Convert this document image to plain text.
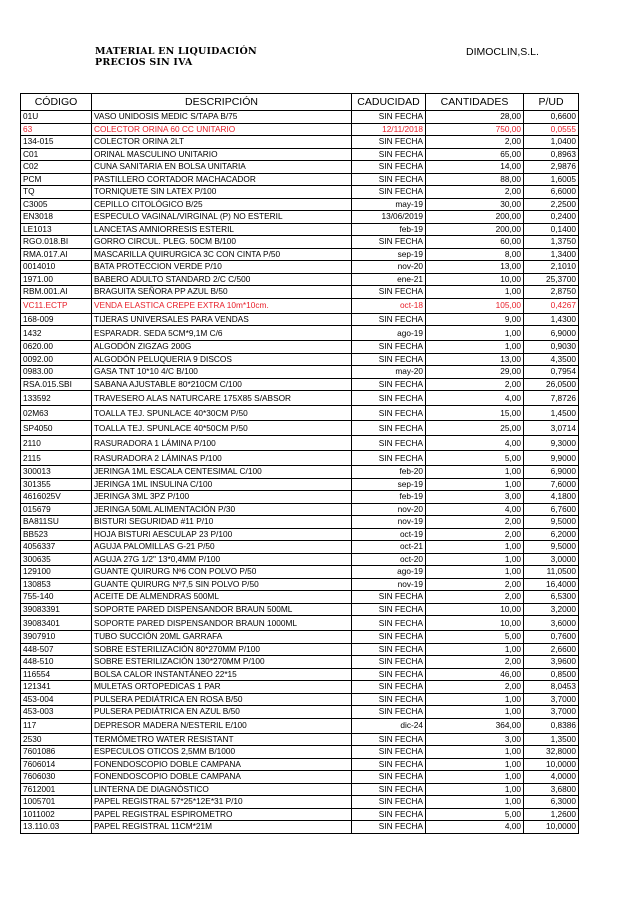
MATERIAL EN LIQUIDACIÓN
PRECIOS SIN IVA
DIMOCLIN,S.L.
CÓDIGO	DESCRIPCIÓN	CADUCIDAD	CANTIDADES	P/UD
01U	VASO UNIDOSIS MEDIC S/TAPA B/75	SIN FECHA	28,00	0,6600
63	COLECTOR ORINA 60 CC UNITARIO	12/11/2018	750,00	0,0555
134-015	COLECTOR ORINA 2LT	SIN FECHA	2,00	1,0400
C01	ORINAL MASCULINO UNITARIO	SIN FECHA	65,00	0,8963
C02	CUNA SANITARIA EN BOLSA UNITARIA	SIN FECHA	14,00	2,9876
PCM	PASTILLERO CORTADOR MACHACADOR	SIN FECHA	88,00	1,6005
TQ	TORNIQUETE SIN LATEX P/100	SIN FECHA	2,00	6,6000
C3005	CEPILLO CITOLÓGICO B/25	may-19	30,00	2,2500
EN3018	ESPECULO VAGINAL/VIRGINAL (P) NO ESTERIL	13/06/2019	200,00	0,2400
LE1013	LANCETAS AMNIORRESIS ESTERIL	feb-19	200,00	0,1400
RGO.018.BI	GORRO CIRCUL. PLEG. 50CM B/100	SIN FECHA	60,00	1,3750
RMA.017.AI	MASCARILLA QUIRURGICA 3C CON CINTA P/50	sep-19	8,00	1,3400
0014010	BATA PROTECCION VERDE P/10	nov-20	13,00	2,1010
1971.00	BABERO ADULTO STANDARD 2/C C/500	ene-21	10,00	25,3700
RBM.001.AI	BRAGUITA SEÑORA PP AZUL B/50	SIN FECHA	1,00	2,8750
VC11.ECTP	VENDA ELASTICA CREPE EXTRA 10m*10cm.	oct-18	105,00	0,4267
168-009	TIJERAS UNIVERSALES PARA VENDAS	SIN FECHA	9,00	1,4300
1432	ESPARADR. SEDA 5CM*9,1M C/6	ago-19	1,00	6,9000
0620.00	ALGODÓN ZIGZAG 200G	SIN FECHA	1,00	0,9030
0092.00	ALGODÓN PELUQUERIA 9 DISCOS	SIN FECHA	13,00	4,3500
0983.00	GASA TNT 10*10 4/C B/100	may-20	29,00	0,7954
RSA.015.SBI	SABANA AJUSTABLE 80*210CM C/100	SIN FECHA	2,00	26,0500
133592	TRAVESERO ALAS NATURCARE 175X85 S/ABSOR	SIN FECHA	4,00	7,8726
02M63	TOALLA TEJ. SPUNLACE 40*30CM P/50	SIN FECHA	15,00	1,4500
SP4050	TOALLA TEJ. SPUNLACE 40*50CM P/50	SIN FECHA	25,00	3,0714
2110	RASURADORA 1 LÁMINA P/100	SIN FECHA	4,00	9,3000
2115	RASURADORA 2 LÁMINAS P/100	SIN FECHA	5,00	9,9000
300013	JERINGA 1ML ESCALA CENTESIMAL C/100	feb-20	1,00	6,9000
301355	JERINGA 1ML INSULINA C/100	sep-19	1,00	7,6000
4616025V	JERINGA 3ML 3PZ P/100	feb-19	3,00	4,1800
015679	JERINGA 50ML ALIMENTACIÓN P/30	nov-20	4,00	6,7600
BA811SU	BISTURI SEGURIDAD #11 P/10	nov-19	2,00	9,5000
BB523	HOJA BISTURI AESCULAP 23 P/100	oct-19	2,00	6,2000
4056337	AGUJA PALOMILLAS G-21 P/50	oct-21	1,00	9,5000
300635	AGUJA 27G 1/2" 13*0,4MM P/100	oct-20	1,00	3,0000
129100	GUANTE QUIRURG Nº6 CON POLVO P/50	ago-19	1,00	11,0500
130853	GUANTE QUIRURG Nº7,5 SIN POLVO P/50	nov-19	2,00	16,4000
755-140	ACEITE DE ALMENDRAS 500ML	SIN FECHA	2,00	6,5300
39083391	SOPORTE PARED DISPENSANDOR BRAUN 500ML	SIN FECHA	10,00	3,2000
39083401	SOPORTE PARED DISPENSANDOR BRAUN 1000ML	SIN FECHA	10,00	3,6000
3907910	TUBO SUCCIÓN 20ML GARRAFA	SIN FECHA	5,00	0,7600
448-507	SOBRE ESTERILIZACIÓN 80*270MM P/100	SIN FECHA	1,00	2,6600
448-510	SOBRE ESTERILIZACIÓN 130*270MM P/100	SIN FECHA	2,00	3,9600
116554	BOLSA CALOR INSTANTÁNEO 22*15	SIN FECHA	46,00	0,8500
121341	MULETAS ORTOPEDICAS 1 PAR	SIN FECHA	2,00	8,0453
453-004	PULSERA PEDIÁTRICA EN ROSA B/50	SIN FECHA	1,00	3,7000
453-003	PULSERA PEDIÁTRICA EN AZUL B/50	SIN FECHA	1,00	3,7000
117	DEPRESOR MADERA N/ESTERIL E/100	dic-24	364,00	0,8386
2530	TERMÓMETRO WATER RESISTANT	SIN FECHA	3,00	1,3500
7601086	ESPECULOS OTICOS 2,5MM B/1000	SIN FECHA	1,00	32,8000
7606014	FONENDOSCOPIO DOBLE CAMPANA	SIN FECHA	1,00	10,0000
7606030	FONENDOSCOPIO DOBLE CAMPANA	SIN FECHA	1,00	4,0000
7612001	LINTERNA DE DIAGNÓSTICO	SIN FECHA	1,00	3,6800
1005701	PAPEL REGISTRAL 57*25*12E*31 P/10	SIN FECHA	1,00	6,3000
1011002	PAPEL REGISTRAL ESPIROMETRO	SIN FECHA	5,00	1,2600
13.110.03	PAPEL REGISTRAL 11CM*21M	SIN FECHA	4,00	10,0000
